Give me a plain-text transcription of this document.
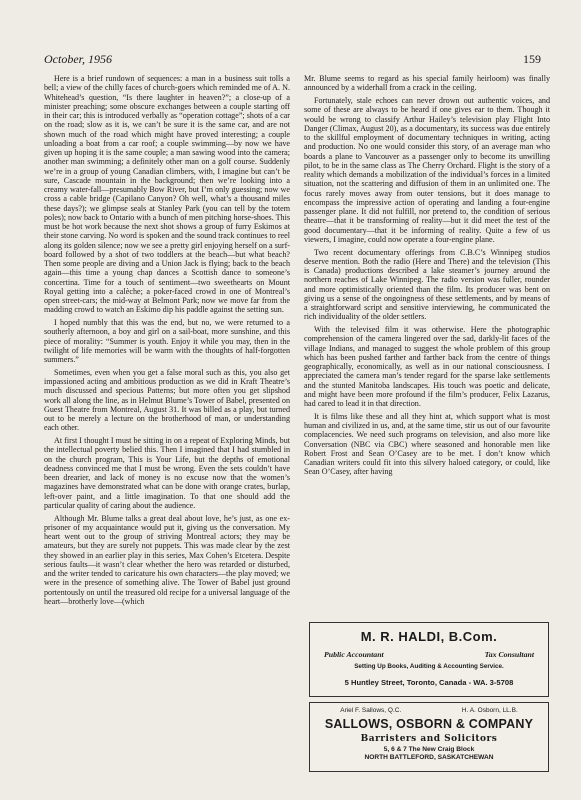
October, 1956	159

Here is a brief rundown of sequences: a man in a business suit tolls a bell; a view of the chilly faces of church-goers which reminded me of A. N. Whitehead’s question, “Is there laughter in heaven?”; a close-up of a minister preaching; some obscure exchanges between a couple starting off in their car; this is introduced verbally as “operation cottage”; shots of a car on the road; slow as it is, we can’t be sure it is the same car, and are not shown much of the road which might have proved interesting; a couple unloading a boat from a car roof; a couple swimming—by now we have given up hoping it is the same couple; a man sawing wood into the camera; another man swimming; a definitely other man on a golf course. Suddenly we’re in a group of young Canadian climbers, with, I imagine but can’t be sure, Cascade mountain in the background; then we’re looking into a creamy water-fall—presumably Bow River, but I’m only guessing; now we cross a cable bridge (Capilano Canyon? Oh well, what’s a thousand miles these days?); we glimpse seals at Stanley Park (you can tell by the totem poles); now back to Ontario with a bunch of men pitching horse-shoes. This must be hot work because the next shot shows a group of furry Eskimos at their stone carving. No word is spoken and the sound track continues to reel along its golden silence; now we see a pretty girl enjoying herself on a surf-board followed by a shot of two toddlers at the beach—but what beach? Then some people are diving and a Union Jack is flying; back to the beach again—this time a young chap dances a Scottish dance to someone’s concertina. Time for a touch of sentiment—two sweethearts on Mount Royal getting into a calèche; a poker-faced crowd in one of Montreal’s open street-cars; the mid-way at Belmont Park; now we move far from the madding crowd to watch an Eskimo dip his paddle against the setting sun.

I hoped numbly that this was the end, but no, we were returned to a southerly afternoon, a boy and girl on a sail-boat, more sunshine, and this piece of morality: “Summer is youth. Enjoy it while you may, then in the twilight of life memories will be warm with the thoughts of half-forgotten summers.”

Sometimes, even when you get a false moral such as this, you also get impassioned acting and ambitious production as we did in Kraft Theatre’s much discussed and specious Patterns; but more often you get slipshod work all along the line, as in Helmut Blume’s Tower of Babel, presented on Guest Theatre from Montreal, August 31. It was billed as a play, but turned out to be merely a lecture on the brotherhood of man, or understanding each other.

At first I thought I must be sitting in on a repeat of Exploring Minds, but the intellectual poverty belied this. Then I imagined that I had stumbled in on the church program, This is Your Life, but the depths of emotional deadness convinced me that I must be wrong. Even the sets couldn’t have been drearier, and lack of money is no excuse now that the women’s magazines have demonstrated what can be done with orange crates, burlap, left-over paint, and a little imagination. To that one should add the particular quality of caring about the audience.

Although Mr. Blume talks a great deal about love, he’s just, as one ex-prisoner of my acquaintance would put it, giving us the conversation. My heart went out to the group of striving Montreal actors; they may be amateurs, but they are surely not puppets. This was made clear by the zest they showed in an earlier play in this series, Max Cohen’s Etcetera. Despite serious faults—it wasn’t clear whether the hero was retarded or disturbed, and the writer tended to caricature his own characters—the play moved; we were in the presence of something alive. The Tower of Babel just ground portentously on until the treasured old recipe for a universal language of the heart—brotherly love—(which

Mr. Blume seems to regard as his special family heirloom) was finally announced by a widerhall from a crack in the ceiling.

Fortunately, stale echoes can never drown out authentic voices, and some of these are always to be heard if one gives ear to them. Though it would be wrong to classify Arthur Hailey’s television play Flight Into Danger (Climax, August 20), as a documentary, its success was due entirely to the skillful employment of documentary techniques in writing, acting and production. No one would consider this story, of an average man who boards a plane to Vancouver as a passenger only to become its unwilling pilot, to be in the same class as The Cherry Orchard. Flight is the story of a reality which demands a mobilization of the individual’s forces in a limited situation, not the scattering and diffusion of them in an unlimited one. The focus rarely moves away from outer tensions, but it does manage to encompass the impressive action of operating and landing a four-engine passenger plane. It did not fulfill, nor pretend to, the condition of serious theatre—that it be transforming of reality—but it did meet the test of the good documentary—that it be informing of reality. Quite a few of us viewers, I imagine, could now operate a four-engine plane.

Two recent documentary offerings from C.B.C’s Winnipeg studios deserve mention. Both the radio (Here and There) and the television (This is Canada) productions described a lake steamer’s journey around the northern reaches of Lake Winnipeg. The radio version was fuller, rounder and more optimistically oriented than the film. Its producer was bent on giving us a sense of the ongoingness of these settlements, and by means of a straightforward script and sensitive interviewing, he communicated the rich individuality of the older settlers.

With the televised film it was otherwise. Here the photographic comprehension of the camera lingered over the sad, darkly-lit faces of the village Indians, and managed to suggest the whole problem of this group which has been pushed farther and farther back from the centre of things geographically, economically, as well as in our national consciousness. I appreciated the camera man’s tender regard for the sparse lake settlements and the stunted Manitoba landscapes. His touch was poetic and delicate, and might have been more profound if the film’s producer, Felix Lazarus, had cared to lead it in that direction.

It is films like these and all they hint at, which support what is most human and civilized in us, and, at the same time, stir us out of our favourite complacencies. We need such programs on television, and also more like Conversation (NBC via CBC) where seasoned and honorable men like Robert Frost and Sean O’Casey are to be met. I don’t know which Canadian writers could fit into this silvery haloed category, or could, like Sean O’Casey, after having

M. R. HALDI, B.Com.
Public Accountant	Tax Consultant
Setting Up Books, Auditing & Accounting Service.
5 Huntley Street, Toronto, Canada - WA. 3-5708
Ariel F. Sallows, Q.C.	H. A. Osborn, LL.B.
SALLOWS, OSBORN & COMPANY
Barristers and Solicitors
5, 6 & 7 The New Craig Block
NORTH BATTLEFORD, SASKATCHEWAN
